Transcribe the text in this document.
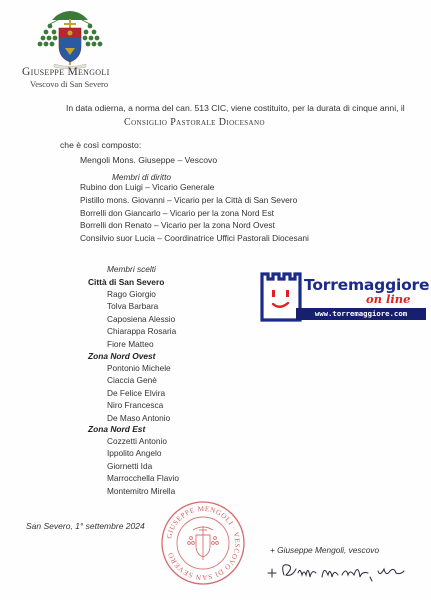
Giuseppe Mengoli
Vescovo di San Severo
In data odierna, a norma del can. 513 CIC, viene costituito, per la durata di cinque anni, il
Consiglio Pastorale Diocesano
che è così composto:
Mengoli Mons. Giuseppe – Vescovo
Membri di diritto
Rubino don Luigi – Vicario Generale
Pistillo mons. Giovanni – Vicario per la Città di San Severo
Borrelli don Giancarlo – Vicario per la zona Nord Est
Borrelli don Renato – Vicario per la zona Nord Ovest
Consilvio suor Lucia – Coordinatrice Uffici Pastorali Diocesani
Membri scelti
Città di San Severo
Rago Giorgio
Tolva Barbara
Caposiena Alessio
Chiarappa Rosaria
Fiore Matteo
Zona Nord Ovest
Pontonio Michele
Ciaccia Genè
De Felice Elvira
Niro Francesca
De Maso Antonio
Zona Nord Est
Cozzetti Antonio
Ippolito Angelo
Giornetti Ida
Marrocchella Flavio
Montemitro Mirella
Torremaggiore
on line
www.torremaggiore.com
San Severo, 1° settembre 2024
GIUSEPPE MENGOLI · VESCOVO DI SAN SEVERO
+ Giuseppe Mengoli, vescovo
